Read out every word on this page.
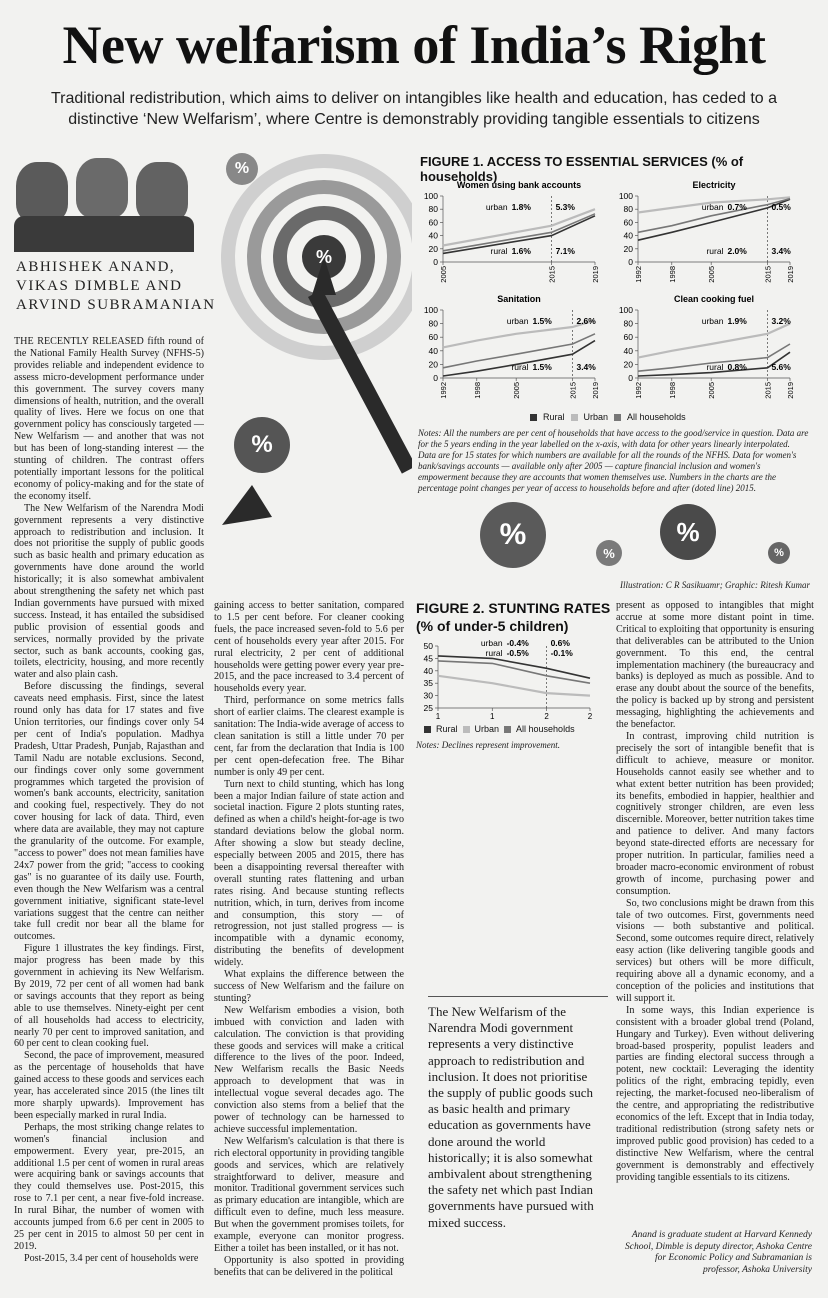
New welfarism of India’s Right
Traditional redistribution, which aims to deliver on intangibles like health and education, has ceded to a distinctive ‘New Welfarism’, where Centre is demonstrably providing tangible essentials to citizens
ABHISHEK ANAND,
VIKAS DIMBLE AND
ARVIND SUBRAMANIAN
%
%
%
FIGURE 1. ACCESS TO ESSENTIAL SERVICES (% of households)
Women using bank accounts
100
80
60
40
20
0
2005	2015	2019
urban 1.8%	5.3%
rural 1.6%	7.1%
Electricity
100
80
60
40
20
0
1992	1998	2005	2015 2019
urban 0.7%	0.5%
rural 2.0%	3.4%
Sanitation
100
80
60
40
20
0
1992	1998	2005	2015 2019
urban 1.5%	2.6%
rural 1.5%	3.4%
Clean cooking fuel
100
80
60
40
20
0
1992	1998	2005	2015 2019
urban 1.9%	3.2%
rural 0.8%	5.6%
Rural Urban All households
Notes: All the numbers are per cent of households that have access to the good/service in question. Data are for the 5 years ending in the year labelled on the x-axis, with data for other years linearly interpolated. Data are for 15 states for which numbers are available for all the rounds of the NFHS. Data for women's bank/savings accounts — available only after 2005 — capture financial inclusion and women's empowerment because they are accounts that women themselves use. Numbers in the charts are the percentage point changes per year of access to households before and after (doted line) 2015.
%
%
%
%
Illustration: C R Sasikuamr; Graphic: Ritesh Kumar
FIGURE 2. STUNTING RATES
(% of under-5 children)
50
45
40
35
30
25
1	1	2	2
urban -0.4%	0.6%
rural -0.5%	-0.1%
Rural Urban All households
Notes: Declines represent improvement.

THE RECENTLY RELEASED fifth round of the National Family Health Survey (NFHS-5) provides reliable and independent evidence to assess micro-development performance under this government. The survey covers many dimensions of health, nutrition, and the overall quality of lives. Here we focus on one that government policy has consciously targeted — New Welfarism — and another that was not but has been of long-standing interest — the stunting of children. The contrast offers potentially important lessons for the political economy of policy-making and for the state of the economy itself.

The New Welfarism of the Narendra Modi government represents a very distinctive approach to redistribution and inclusion. It does not prioritise the supply of public goods such as basic health and primary education as governments have done around the world historically; it is also somewhat ambivalent about strengthening the safety net which past Indian governments have pursued with mixed success. Instead, it has entailed the subsidised public provision of essential goods and services, normally provided by the private sector, such as bank accounts, cooking gas, toilets, electricity, housing, and more recently water and also plain cash.

Before discussing the findings, several caveats need emphasis. First, since the latest round only has data for 17 states and five Union territories, our findings cover only 54 per cent of India's population. Madhya Pradesh, Uttar Pradesh, Punjab, Rajasthan and Tamil Nadu are notable exclusions. Second, our findings cover only some government programmes which targeted the provision of women's bank accounts, electricity, sanitation and cooking fuel, respectively. They do not cover housing for lack of data. Third, even where data are available, they may not capture the granularity of the outcome. For example, "access to power" does not mean families have 24x7 power from the grid; "access to cooking gas" is no guarantee of its daily use. Fourth, even though the New Welfarism was a central government initiative, significant state-level variations suggest that the centre can neither take full credit nor bear all the blame for outcomes.

Figure 1 illustrates the key findings. First, major progress has been made by this government in achieving its New Welfarism. By 2019, 72 per cent of all women had bank or savings accounts that they report as being able to use themselves. Ninety-eight per cent of all households had access to electricity, nearly 70 per cent to improved sanitation, and 60 per cent to clean cooking fuel.

Second, the pace of improvement, measured as the percentage of households that have gained access to these goods and services each year, has accelerated since 2015 (the lines tilt more sharply upwards). Improvement has been especially marked in rural India.

Perhaps, the most striking change relates to women's financial inclusion and empowerment. Every year, pre-2015, an additional 1.5 per cent of women in rural areas were acquiring bank or savings accounts that they could themselves use. Post-2015, this rose to 7.1 per cent, a near five-fold increase. In rural Bihar, the number of women with accounts jumped from 6.6 per cent in 2005 to 25 per cent in 2015 to almost 50 per cent in 2019.

Post-2015, 3.4 per cent of households were

gaining access to better sanitation, compared to 1.5 per cent before. For cleaner cooking fuels, the pace increased seven-fold to 5.6 per cent of households every year after 2015. For rural electricity, 2 per cent of additional households were getting power every year pre-2015, and the pace increased to 3.4 percent of households every year.

Third, performance on some metrics falls short of earlier claims. The clearest example is sanitation: The India-wide average of access to clean sanitation is still a little under 70 per cent, far from the declaration that India is 100 per cent open-defecation free. The Bihar number is only 49 per cent.

Turn next to child stunting, which has long been a major Indian failure of state action and societal inaction. Figure 2 plots stunting rates, defined as when a child's height-for-age is two standard deviations below the global norm. After showing a slow but steady decline, especially between 2005 and 2015, there has been a disappointing reversal thereafter with overall stunting rates flattening and urban rates rising. And because stunting reflects nutrition, which, in turn, derives from income and consumption, this story — of retrogression, not just stalled progress — is incompatible with a dynamic economy, distributing the benefits of development widely.

What explains the difference between the success of New Welfarism and the failure on stunting?

New Welfarism embodies a vision, both imbued with conviction and laden with calculation. The conviction is that providing these goods and services will make a critical difference to the lives of the poor. Indeed, New Welfarism recalls the Basic Needs approach to development that was in intellectual vogue several decades ago. The conviction also stems from a belief that the power of technology can be harnessed to achieve successful implementation.

New Welfarism's calculation is that there is rich electoral opportunity in providing tangible goods and services, which are relatively straightforward to deliver, measure and monitor. Traditional government services such as primary education are intangible, which are difficult even to define, much less measure. But when the government promises toilets, for example, everyone can monitor progress. Either a toilet has been installed, or it has not.

Opportunity is also spotted in providing benefits that can be delivered in the political

present as opposed to intangibles that might accrue at some more distant point in time. Critical to exploiting that opportunity is ensuring that deliverables can be attributed to the Union government. To this end, the central implementation machinery (the bureaucracy and banks) is deployed as much as possible. And to erase any doubt about the source of the benefits, the policy is backed up by strong and persistent messaging, highlighting the achievements and the benefactor.

In contrast, improving child nutrition is precisely the sort of intangible benefit that is difficult to achieve, measure or monitor. Households cannot easily see whether and to what extent better nutrition has been provided; its benefits, embodied in happier, healthier and cognitively stronger children, are even less discernible. Moreover, better nutrition takes time and patience to deliver. And many factors beyond state-directed efforts are necessary for proper nutrition. In particular, families need a broader macro-economic environment of robust growth of income, purchasing power and consumption.

So, two conclusions might be drawn from this tale of two outcomes. First, governments need visions — both substantive and political. Second, some outcomes require direct, relatively easy action (like delivering tangible goods and services) but others will be more difficult, requiring above all a dynamic economy, and a conception of the policies and institutions that will support it.

In some ways, this Indian experience is consistent with a broader global trend (Poland, Hungary and Turkey). Even without delivering broad-based prosperity, populist leaders and parties are finding electoral success through a potent, new cocktail: Leveraging the identity politics of the right, embracing tepidly, even rejecting, the market-focused neo-liberalism of the centre, and appropriating the redistributive economics of the left. Except that in India today, traditional redistribution (strong safety nets or improved public good provision) has ceded to a distinctive New Welfarism, where the central government is demonstrably and effectively providing tangible essentials to its citizens.

Anand is graduate student at Harvard Kennedy School, Dimble is deputy director, Ashoka Centre for Economic Policy and Subramanian is professor, Ashoka University
The New Welfarism of the Narendra Modi government represents a very distinctive approach to redistribution and inclusion. It does not prioritise the supply of public goods such as basic health and primary education as governments have done around the world historically; it is also somewhat ambivalent about strengthening the safety net which past Indian governments have pursued with mixed success.
